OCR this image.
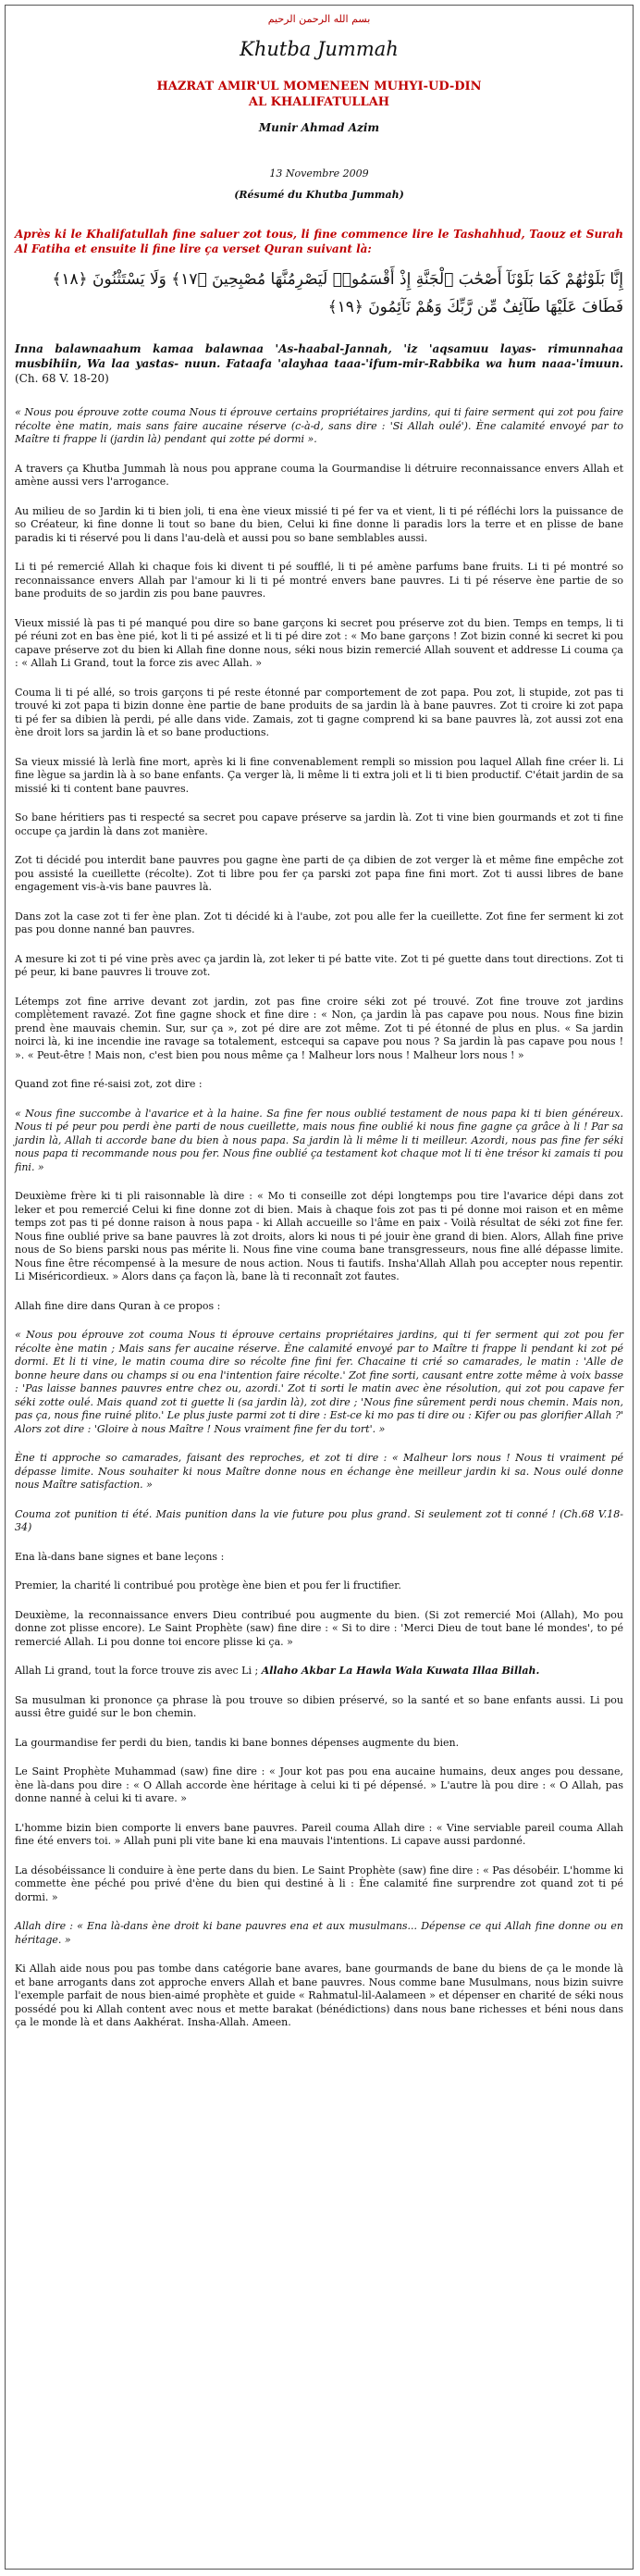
بسم الله الرحمن الرحيم
Khutba Jummah
HAZRAT AMIR'UL MOMENEEN MUHYI-UD-DIN
AL KHALIFATULLAH
Munir Ahmad Azim
13 Novembre 2009
(Résumé du Khutba Jummah)
Après ki le Khalifatullah fine saluer zot tous, li fine commence lire le Tashahhud, Taouz et Surah Al Fatiha et ensuite li fine lire ça verset Quran suivant là:
إِنَّا بَلَوْنَٰهُمْ كَمَا بَلَوْنَآ أَصْحَٰبَ ٱلْجَنَّةِ إِذْ أَقْسَمُوا۟ لَيَصْرِمُنَّهَا مُصْبِحِينَ ﴿١٧﴾ وَلَا يَسْتَثْنُونَ ﴿١٨﴾ فَطَافَ عَلَيْهَا طَآئِفٌ مِّن رَّبِّكَ وَهُمْ نَآئِمُونَ ﴿١٩﴾
Inna balawnaahum kamaa balawnaa 'As-haabal-Jannah, 'iz 'aqsamuu layas- rimunnahaa musbihiin, Wa laa yastas- nuun. Fataafa 'alayhaa taaa-'ifum-mir-Rabbika wa hum naaa-'imuun. (Ch. 68 V. 18-20)

« Nous pou éprouve zotte couma Nous ti éprouve certains propriétaires jardins, qui ti faire serment qui zot pou faire récolte ène matin, mais sans faire aucaine réserve (c-à-d, sans dire : 'Si Allah oulé'). Ène calamité envoyé par to Maître ti frappe li (jardin là) pendant qui zotte pé dormi ».

A travers ça Khutba Jummah là nous pou apprane couma la Gourmandise li détruire reconnaissance envers Allah et amène aussi vers l'arrogance.

Au milieu de so Jardin ki ti bien joli, ti ena ène vieux missié ti pé fer va et vient, li ti pé réfléchi lors la puissance de so Créateur, ki fine donne li tout so bane du bien, Celui ki fine donne li paradis lors la terre et en plisse de bane paradis ki ti réservé pou li dans l'au-delà et aussi pou so bane semblables aussi.

Li ti pé remercié Allah ki chaque fois ki divent ti pé soufflé, li ti pé amène parfums bane fruits. Li ti pé montré so reconnaissance envers Allah par l'amour ki li ti pé montré envers bane pauvres. Li ti pé réserve ène partie de so bane produits de so jardin zis pou bane pauvres.

Vieux missié là pas ti pé manqué pou dire so bane garçons ki secret pou préserve zot du bien. Temps en temps, li ti pé réuni zot en bas ène pié, kot li ti pé assizé et li ti pé dire zot : « Mo bane garçons ! Zot bizin conné ki secret ki pou capave préserve zot du bien ki Allah fine donne nous, séki nous bizin remercié Allah souvent et addresse Li couma ça : « Allah Li Grand, tout la force zis avec Allah. »

Couma li ti pé allé, so trois garçons ti pé reste étonné par comportement de zot papa. Pou zot, li stupide, zot pas ti trouvé ki zot papa ti bizin donne ène partie de bane produits de sa jardin là à bane pauvres. Zot ti croire ki zot papa ti pé fer sa dibien là perdi, pé alle dans vide. Zamais, zot ti gagne comprend ki sa bane pauvres là, zot aussi zot ena ène droit lors sa jardin là et so bane productions.

Sa vieux missié là lerlà fine mort, après ki li fine convenablement rempli so mission pou laquel Allah fine créer li. Li fine lègue sa jardin là à so bane enfants. Ça verger là, li même li ti extra joli et li ti bien productif. C'était jardin de sa missié ki ti content bane pauvres.

So bane héritiers pas ti respecté sa secret pou capave préserve sa jardin là. Zot ti vine bien gourmands et zot ti fine occupe ça jardin là dans zot manière.

Zot ti décidé pou interdit bane pauvres pou gagne ène parti de ça dibien de zot verger là et même fine empêche zot pou assisté la cueillette (récolte). Zot ti libre pou fer ça parski zot papa fine fini mort. Zot ti aussi libres de bane engagement vis-à-vis bane pauvres là.

Dans zot la case zot ti fer ène plan. Zot ti décidé ki à l'aube, zot pou alle fer la cueillette. Zot fine fer serment ki zot pas pou donne nanné ban pauvres.

A mesure ki zot ti pé vine près avec ça jardin là, zot leker ti pé batte vite. Zot ti pé guette dans tout directions. Zot ti pé peur, ki bane pauvres li trouve zot.

Létemps zot fine arrive devant zot jardin, zot pas fine croire séki zot pé trouvé. Zot fine trouve zot jardins complètement ravazé. Zot fine gagne shock et fine dire : « Non, ça jardin là pas capave pou nous. Nous fine bizin prend ène mauvais chemin. Sur, sur ça », zot pé dire are zot même. Zot ti pé étonné de plus en plus. « Sa jardin noirci là, ki ine incendie ine ravage sa totalement, estcequi sa capave pou nous ? Sa jardin là pas capave pou nous ! ». « Peut-être ! Mais non, c'est bien pou nous même ça ! Malheur lors nous ! Malheur lors nous ! »

Quand zot fine ré-saisi zot, zot dire :

« Nous fine succombe à l'avarice et à la haine. Sa fine fer nous oublié testament de nous papa ki ti bien généreux. Nous ti pé peur pou perdi ène parti de nous cueillette, mais nous fine oublié ki nous fine gagne ça grâce à li ! Par sa jardin là, Allah ti accorde bane du bien à nous papa. Sa jardin là li même li ti meilleur. Azordi, nous pas fine fer séki nous papa ti recommande nous pou fer. Nous fine oublié ça testament kot chaque mot li ti ène trésor ki zamais ti pou fini. »

Deuxième frère ki ti pli raisonnable là dire : « Mo ti conseille zot dépi longtemps pou tire l'avarice dépi dans zot leker et pou remercié Celui ki fine donne zot di bien. Mais à chaque fois zot pas ti pé donne moi raison et en même temps zot pas ti pé donne raison à nous papa - ki Allah accueille so l'âme en paix - Voilà résultat de séki zot fine fer. Nous fine oublié prive sa bane pauvres là zot droits, alors ki nous ti pé jouir ène grand di bien. Alors, Allah fine prive nous de So biens parski nous pas mérite li. Nous fine vine couma bane transgresseurs, nous fine allé dépasse limite. Nous fine être récompensé à la mesure de nous action. Nous ti fautifs. Insha'Allah Allah pou accepter nous repentir. Li Miséricordieux. » Alors dans ça façon là, bane là ti reconnaît zot fautes.

Allah fine dire dans Quran à ce propos :

« Nous pou éprouve zot couma Nous ti éprouve certains propriétaires jardins, qui ti fer serment qui zot pou fer récolte ène matin ; Mais sans fer aucaine réserve. Ène calamité envoyé par to Maître ti frappe li pendant ki zot pé dormi. Et li ti vine, le matin couma dire so récolte fine fini fer. Chacaine ti crié so camarades, le matin : 'Alle de bonne heure dans ou champs si ou ena l'intention faire récolte.' Zot fine sorti, causant entre zotte même à voix basse : 'Pas laisse bannes pauvres entre chez ou, azordi.' Zot ti sorti le matin avec ène résolution, qui zot pou capave fer séki zotte oulé. Mais quand zot ti guette li (sa jardin là), zot dire ; 'Nous fine sûrement perdi nous chemin. Mais non, pas ça, nous fine ruiné plito.' Le plus juste parmi zot ti dire : Est-ce ki mo pas ti dire ou : Kifer ou pas glorifier Allah ?' Alors zot dire : 'Gloire à nous Maître ! Nous vraiment fine fer du tort'. »

Ène ti approche so camarades, faisant des reproches, et zot ti dire : « Malheur lors nous ! Nous ti vraiment pé dépasse limite. Nous souhaiter ki nous Maître donne nous en échange ène meilleur jardin ki sa. Nous oulé donne nous Maître satisfaction. »

Couma zot punition ti été. Mais punition dans la vie future pou plus grand. Si seulement zot ti conné ! (Ch.68 V.18-34)

Ena là-dans bane signes et bane leçons :

Premier, la charité li contribué pou protège ène bien et pou fer li fructifier.

Deuxième, la reconnaissance envers Dieu contribué pou augmente du bien. (Si zot remercié Moi (Allah), Mo pou donne zot plisse encore). Le Saint Prophète (saw) fine dire : « Si to dire : 'Merci Dieu de tout bane lé mondes', to pé remercié Allah. Li pou donne toi encore plisse ki ça. »

Allah Li grand, tout la force trouve zis avec Li ; Allaho Akbar La Hawla Wala Kuwata Illaa Billah.

Sa musulman ki prononce ça phrase là pou trouve so dibien préservé, so la santé et so bane enfants aussi. Li pou aussi être guidé sur le bon chemin.

La gourmandise fer perdi du bien, tandis ki bane bonnes dépenses augmente du bien.

Le Saint Prophète Muhammad (saw) fine dire : « Jour kot pas pou ena aucaine humains, deux anges pou dessane, ène là-dans pou dire : « O Allah accorde ène héritage à celui ki ti pé dépensé. » L'autre là pou dire : « O Allah, pas donne nanné à celui ki ti avare. »

L'homme bizin bien comporte li envers bane pauvres. Pareil couma Allah dire : « Vine serviable pareil couma Allah fine été envers toi. » Allah puni pli vite bane ki ena mauvais l'intentions. Li capave aussi pardonné.

La désobéissance li conduire à ène perte dans du bien. Le Saint Prophète (saw) fine dire : « Pas désobéir. L'homme ki commette ène péché pou privé d'ène du bien qui destiné à li : Ène calamité fine surprendre zot quand zot ti pé dormi. »

Allah dire : « Ena là-dans ène droit ki bane pauvres ena et aux musulmans... Dépense ce qui Allah fine donne ou en héritage. »

Ki Allah aide nous pou pas tombe dans catégorie bane avares, bane gourmands de bane du biens de ça le monde là et bane arrogants dans zot approche envers Allah et bane pauvres. Nous comme bane Musulmans, nous bizin suivre l'exemple parfait de nous bien-aimé prophète et guide « Rahmatul-lil-Aalameen » et dépenser en charité de séki nous possédé pou ki Allah content avec nous et mette barakat (bénédictions) dans nous bane richesses et béni nous dans ça le monde là et dans Aakhérat. Insha-Allah. Ameen.
